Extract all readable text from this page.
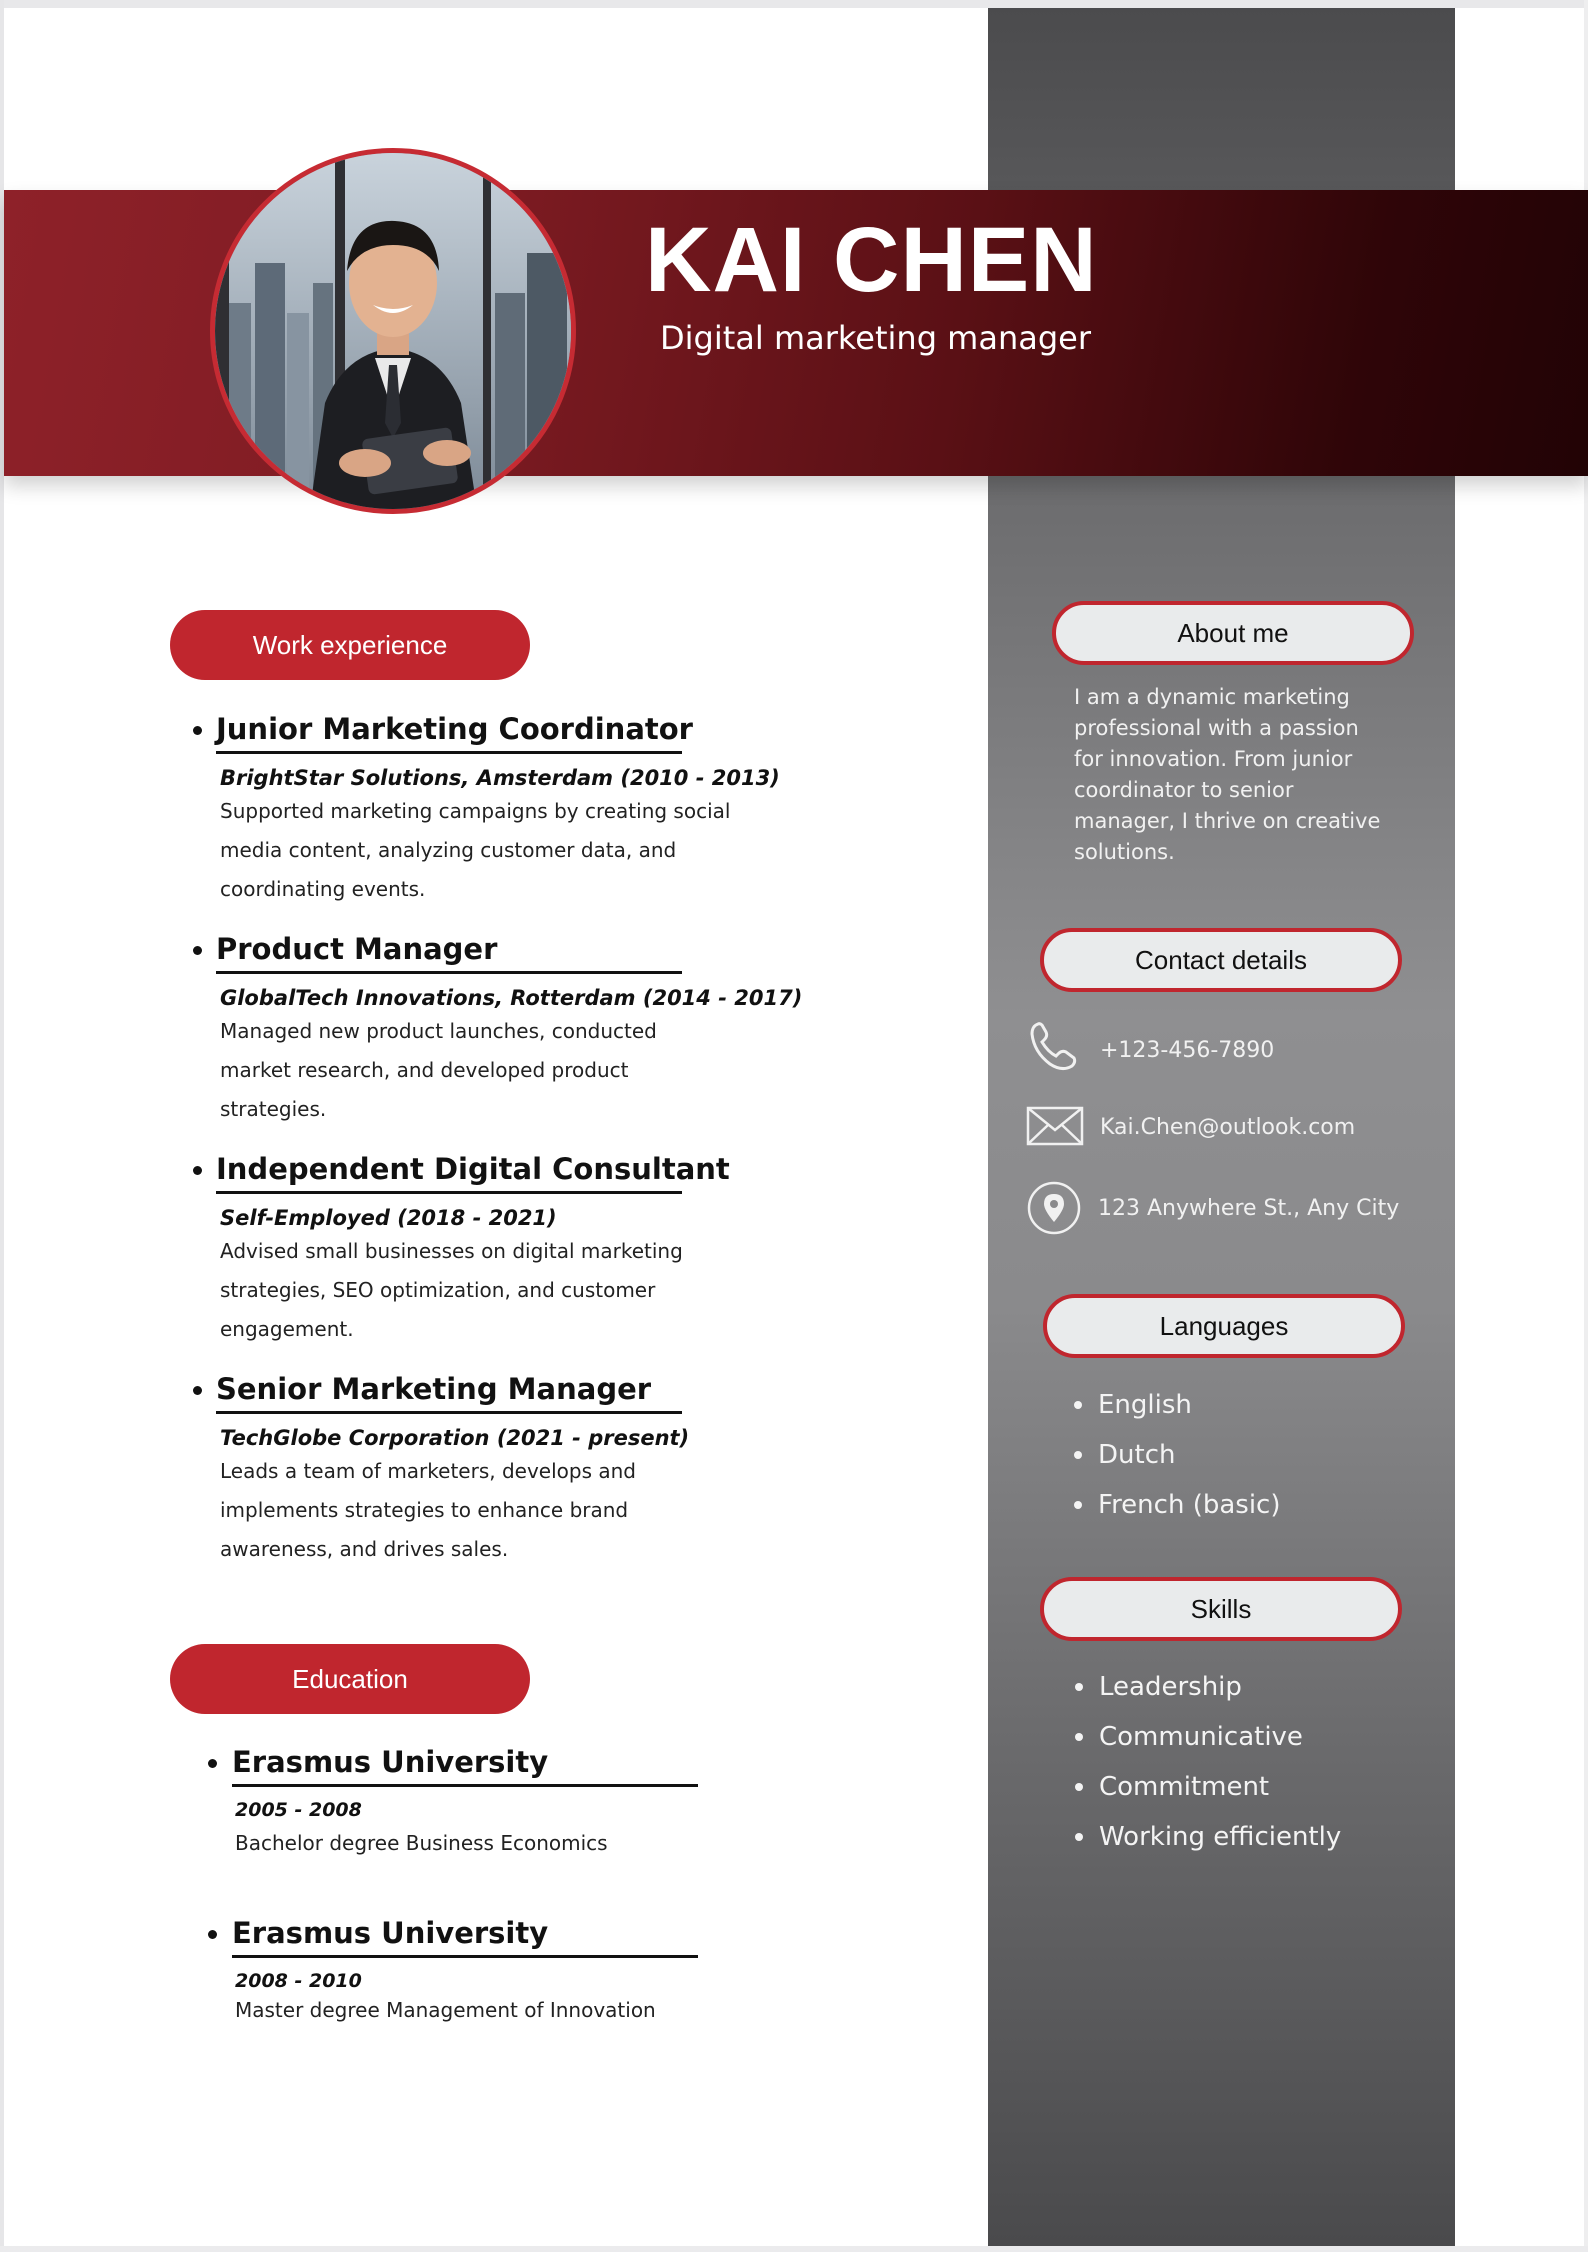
KAI CHEN
Digital marketing manager
Work experience
Junior Marketing Coordinator
BrightStar Solutions, Amsterdam (2010 - 2013)
Supported marketing campaigns by creating social
media content, analyzing customer data, and
coordinating events.
Product Manager
GlobalTech Innovations, Rotterdam (2014 - 2017)
Managed new product launches, conducted
market research, and developed product
strategies.
Independent Digital Consultant
Self-Employed (2018 - 2021)
Advised small businesses on digital marketing
strategies, SEO optimization, and customer
engagement.
Senior Marketing Manager
TechGlobe Corporation (2021 - present)
Leads a team of marketers, develops and
implements strategies to enhance brand
awareness, and drives sales.
Education
Erasmus University
2005 - 2008
Bachelor degree Business Economics
Erasmus University
2008 - 2010
Master degree Management of Innovation
About me
I am a dynamic marketing
professional with a passion
for innovation. From junior
coordinator to senior
manager, I thrive on creative
solutions.
Contact details
+123-456-7890
Kai.Chen@outlook.com
123 Anywhere St., Any City
Languages
English
Dutch
French (basic)
Skills
Leadership
Communicative
Commitment
Working efficiently
